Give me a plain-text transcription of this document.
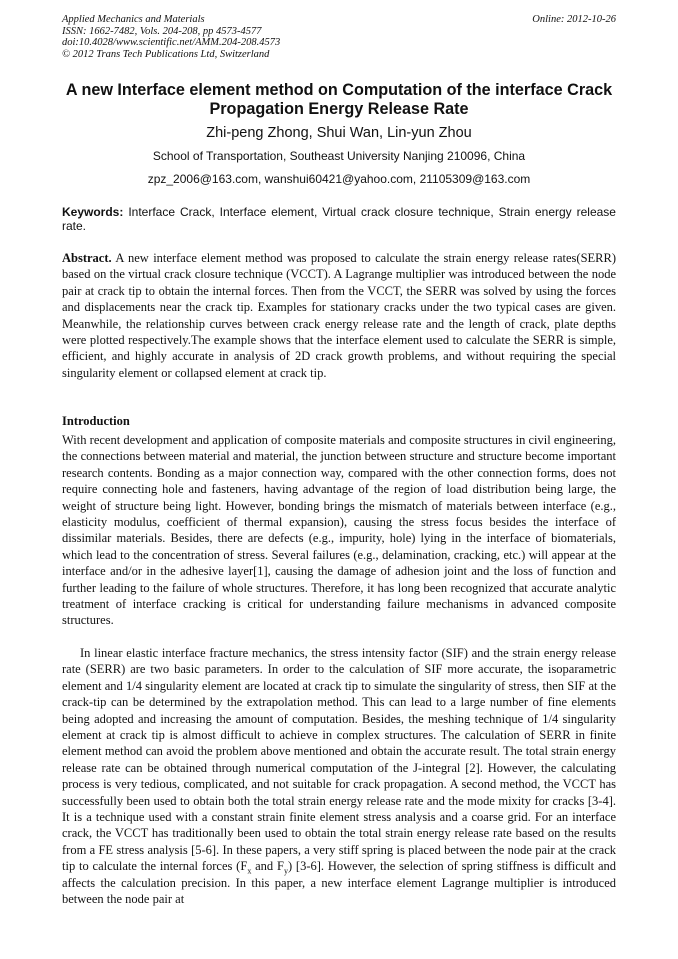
Applied Mechanics and Materials
ISSN: 1662-7482, Vols. 204-208, pp 4573-4577
doi:10.4028/www.scientific.net/AMM.204-208.4573
© 2012 Trans Tech Publications Ltd, Switzerland
Online: 2012-10-26
A new Interface element method on Computation of the interface Crack Propagation Energy Release Rate
Zhi-peng Zhong, Shui Wan, Lin-yun Zhou
School of Transportation, Southeast University Nanjing 210096, China
zpz_2006@163.com, wanshui60421@yahoo.com, 21105309@163.com
Keywords: Interface Crack, Interface element, Virtual crack closure technique, Strain energy release rate.
Abstract. A new interface element method was proposed to calculate the strain energy release rates(SERR) based on the virtual crack closure technique (VCCT). A Lagrange multiplier was introduced between the node pair at crack tip to obtain the internal forces. Then from the VCCT, the SERR was solved by using the forces and displacements near the crack tip. Examples for stationary cracks under the two typical cases are given. Meanwhile, the relationship curves between crack energy release rate and the length of crack, plate depths were plotted respectively.The example shows that the interface element used to calculate the SERR is simple, efficient, and highly accurate in analysis of 2D crack growth problems, and without requiring the special singularity element or collapsed element at crack tip.
Introduction

With recent development and application of composite materials and composite structures in civil engineering, the connections between material and material, the junction between structure and structure become important research contents. Bonding as a major connection way, compared with the other connection forms, does not require connecting hole and fasteners, having advantage of the region of load distribution being large, the weight of structure being light. However, bonding brings the mismatch of materials between interface (e.g., elasticity modulus, coefficient of thermal expansion), causing the stress focus besides the interface of dissimilar materials. Besides, there are defects (e.g., impurity, hole) lying in the interface of biomaterials, which lead to the concentration of stress. Several failures (e.g., delamination, cracking, etc.) will appear at the interface and/or in the adhesive layer[1], causing the damage of adhesion joint and the loss of function and further leading to the failure of whole structures. Therefore, it has long been recognized that accurate analytic treatment of interface cracking is critical for understanding failure mechanisms in advanced composite structures.

In linear elastic interface fracture mechanics, the stress intensity factor (SIF) and the strain energy release rate (SERR) are two basic parameters. In order to the calculation of SIF more accurate, the isoparametric element and 1/4 singularity element are located at crack tip to simulate the singularity of stress, then SIF at the crack-tip can be determined by the extrapolation method. This can lead to a large number of fine elements being adopted and increasing the amount of computation. Besides, the meshing technique of 1/4 singularity element at crack tip is almost difficult to achieve in complex structures. The calculation of SERR in finite element method can avoid the problem above mentioned and obtain the accurate result. The total strain energy release rate can be obtained through numerical computation of the J-integral [2]. However, the calculating process is very tedious, complicated, and not suitable for crack propagation. A second method, the VCCT has successfully been used to obtain both the total strain energy release rate and the mode mixity for cracks [3-4]. It is a technique used with a constant strain finite element stress analysis and a coarse grid. For an interface crack, the VCCT has traditionally been used to obtain the total strain energy release rate based on the results from a FE stress analysis [5-6]. In these papers, a very stiff spring is placed between the node pair at the crack tip to calculate the internal forces ($F_x$ and $F_y$) [3-6]. However, the selection of spring stiffness is difficult and affects the calculation precision. In this paper, a new interface element Lagrange multiplier is introduced between the node pair at
